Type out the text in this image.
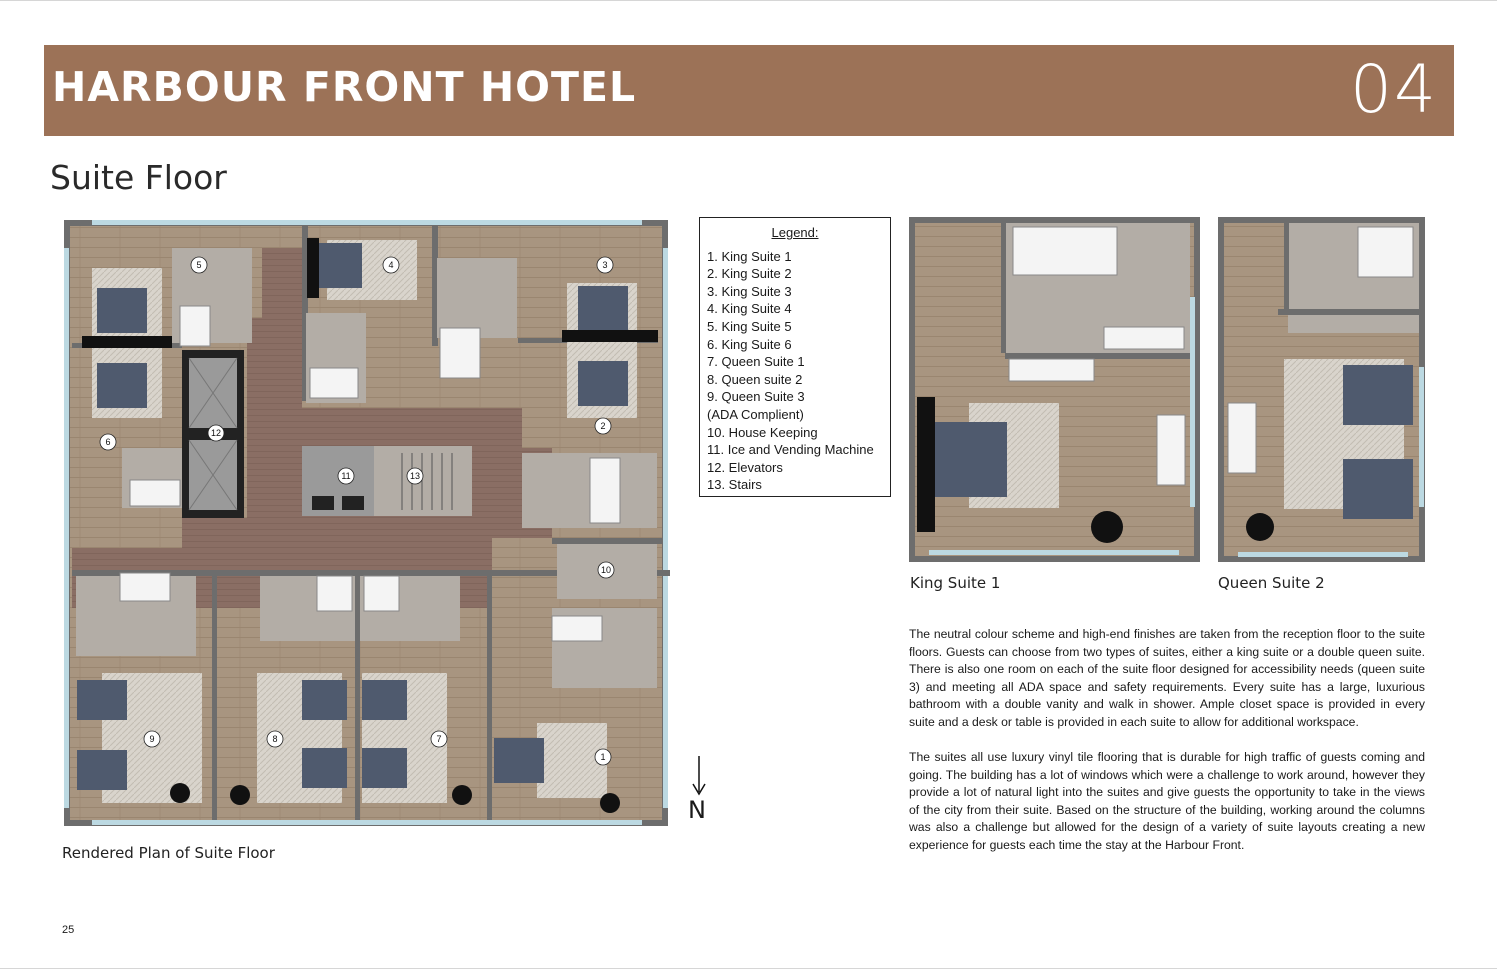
HARBOUR FRONT HOTEL	04
Suite Floor
1
2
3
4
5
6
7
8
9
10
11
12
13
Rendered Plan of Suite Floor
N
Legend:
1. King Suite 1
2. King Suite 2
3. King Suite 3
4. King Suite 4
5. King Suite 5
6. King Suite 6
7. Queen Suite 1
8. Queen suite 2
9. Queen Suite 3
(ADA Complient)
10. House Keeping
11. Ice and Vending Machine
12. Elevators
13. Stairs
King Suite 1	Queen Suite 2

The neutral colour scheme and high-end finishes are taken from the reception floor to the suite floors. Guests can choose from two types of suites, either a king suite or a double queen suite. There is also one room on each of the suite floor designed for accessibility needs (queen suite 3) and meeting all ADA space and safety requirements. Every suite has a large, luxurious bathroom with a double vanity and walk in shower. Ample closet space is provided in every suite and a desk or table is provided in each suite to allow for additional workspace.

The suites all use luxury vinyl tile flooring that is durable for high traffic of guests coming and going. The building has a lot of windows which were a challenge to work around, however they provide a lot of natural light into the suites and give guests the opportunity to take in the views of the city from their suite. Based on the structure of the building, working around the columns was also a challenge but allowed for the design of a variety of suite layouts creating a new experience for guests each time the stay at the Harbour Front.

25
